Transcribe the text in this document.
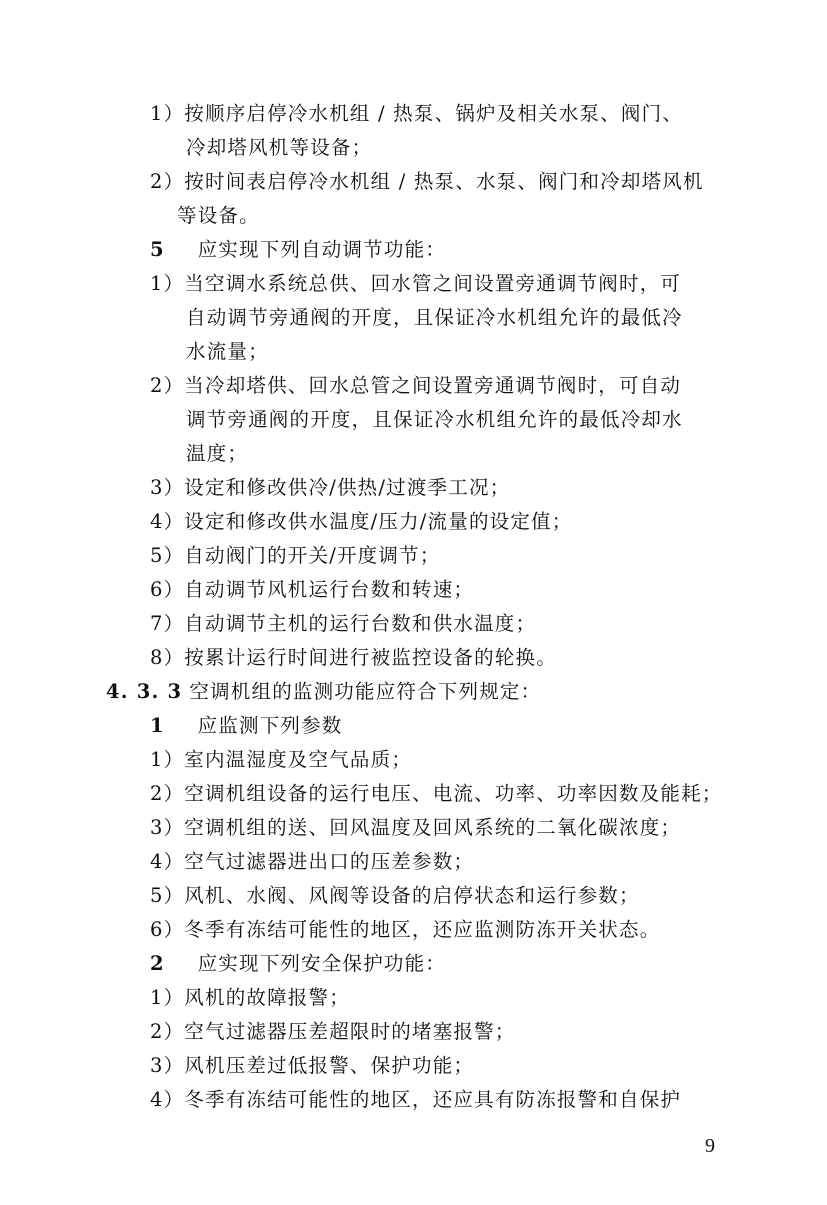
1）按顺序启停冷水机组 / 热泵、锅炉及相关水泵、阀门、
冷却塔风机等设备；
2）按时间表启停冷水机组 / 热泵、水泵、阀门和冷却塔风机
等设备。
5 应实现下列自动调节功能：
1）当空调水系统总供、回水管之间设置旁通调节阀时，可
自动调节旁通阀的开度，且保证冷水机组允许的最低冷
水流量；
2）当冷却塔供、回水总管之间设置旁通调节阀时，可自动
调节旁通阀的开度，且保证冷水机组允许的最低冷却水
温度；
3）设定和修改供冷/供热/过渡季工况；
4）设定和修改供水温度/压力/流量的设定值；
5）自动阀门的开关/开度调节；
6）自动调节风机运行台数和转速；
7）自动调节主机的运行台数和供水温度；
8）按累计运行时间进行被监控设备的轮换。
4. 3. 3 空调机组的监测功能应符合下列规定：
1 应监测下列参数
1）室内温湿度及空气品质；
2）空调机组设备的运行电压、电流、功率、功率因数及能耗；
3）空调机组的送、回风温度及回风系统的二氧化碳浓度；
4）空气过滤器进出口的压差参数；
5）风机、水阀、风阀等设备的启停状态和运行参数；
6）冬季有冻结可能性的地区，还应监测防冻开关状态。
2 应实现下列安全保护功能：
1）风机的故障报警；
2）空气过滤器压差超限时的堵塞报警；
3）风机压差过低报警、保护功能；
4）冬季有冻结可能性的地区，还应具有防冻报警和自保护
9
